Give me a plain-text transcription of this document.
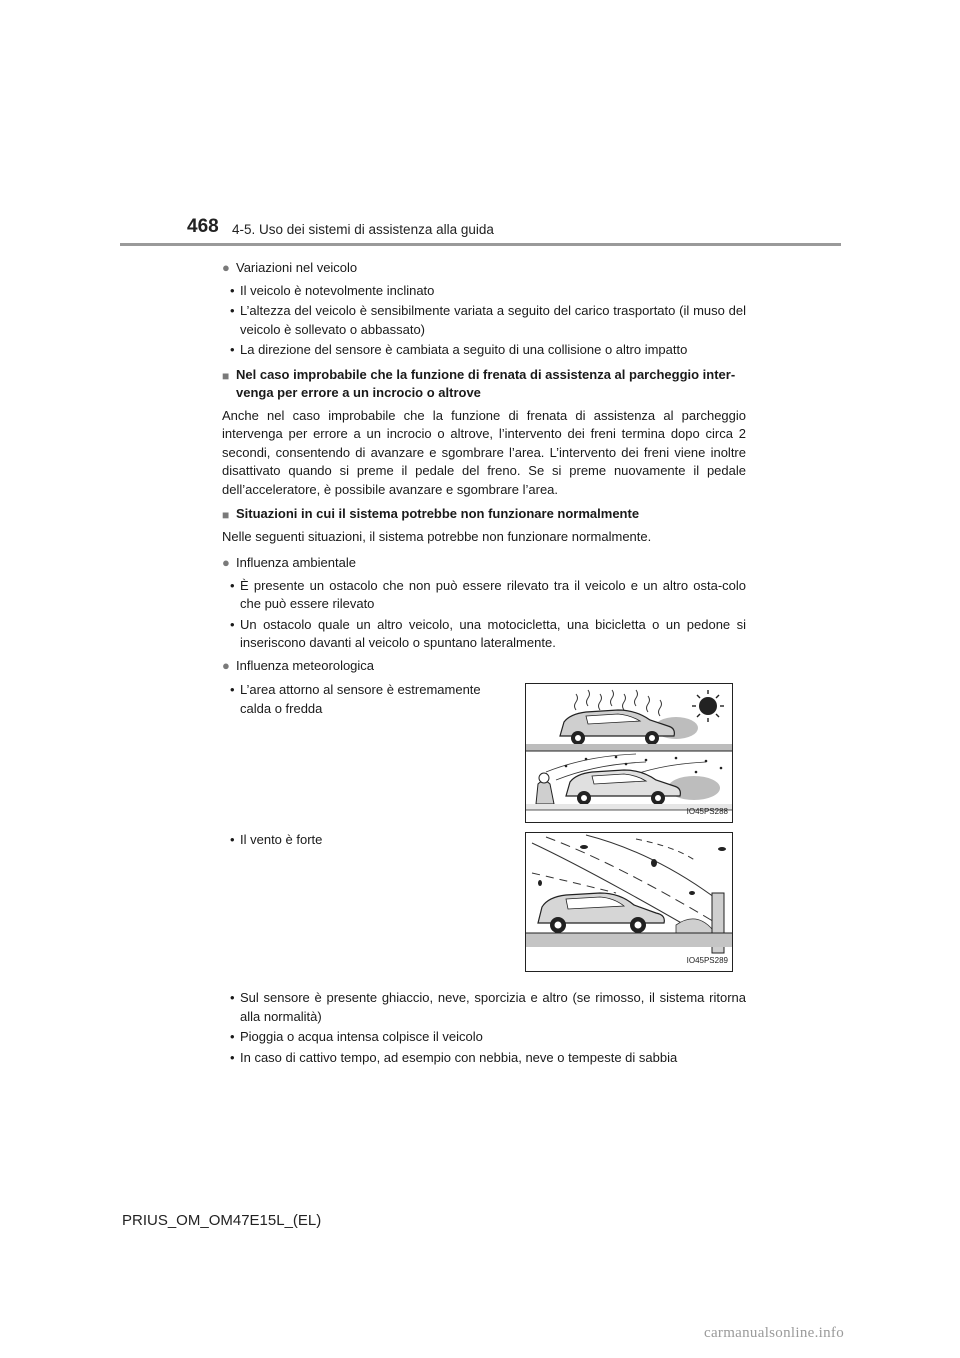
468 4-5. Uso dei sistemi di assistenza alla guida
● Variazioni nel veicolo
• Il veicolo è notevolmente inclinato
• L’altezza del veicolo è sensibilmente variata a seguito del carico trasportato (il muso del veicolo è sollevato o abbassato)
• La direzione del sensore è cambiata a seguito di una collisione o altro impatto
■ Nel caso improbabile che la funzione di frenata di assistenza al parcheggio inter-venga per errore a un incrocio o altrove
Anche nel caso improbabile che la funzione di frenata di assistenza al parcheggio intervenga per errore a un incrocio o altrove, l’intervento dei freni termina dopo circa 2 secondi, consentendo di avanzare e sgombrare l’area. L’intervento dei freni viene inoltre disattivato quando si preme il pedale del freno. Se si preme nuovamente il pedale dell’acceleratore, è possibile avanzare e sgombrare l’area.
■ Situazioni in cui il sistema potrebbe non funzionare normalmente
Nelle seguenti situazioni, il sistema potrebbe non funzionare normalmente.
● Influenza ambientale
• È presente un ostacolo che non può essere rilevato tra il veicolo e un altro osta-colo che può essere rilevato
• Un ostacolo quale un altro veicolo, una motocicletta, una bicicletta o un pedone si inseriscono davanti al veicolo o spuntano lateralmente.
● Influenza meteorologica
• L’area attorno al sensore è estremamente calda o fredda
IO45PS288
• Il vento è forte
IO45PS289
• Sul sensore è presente ghiaccio, neve, sporcizia e altro (se rimosso, il sistema ritorna alla normalità)
• Pioggia o acqua intensa colpisce il veicolo
• In caso di cattivo tempo, ad esempio con nebbia, neve o tempeste di sabbia
PRIUS_OM_OM47E15L_(EL)
carmanualsonline.info
